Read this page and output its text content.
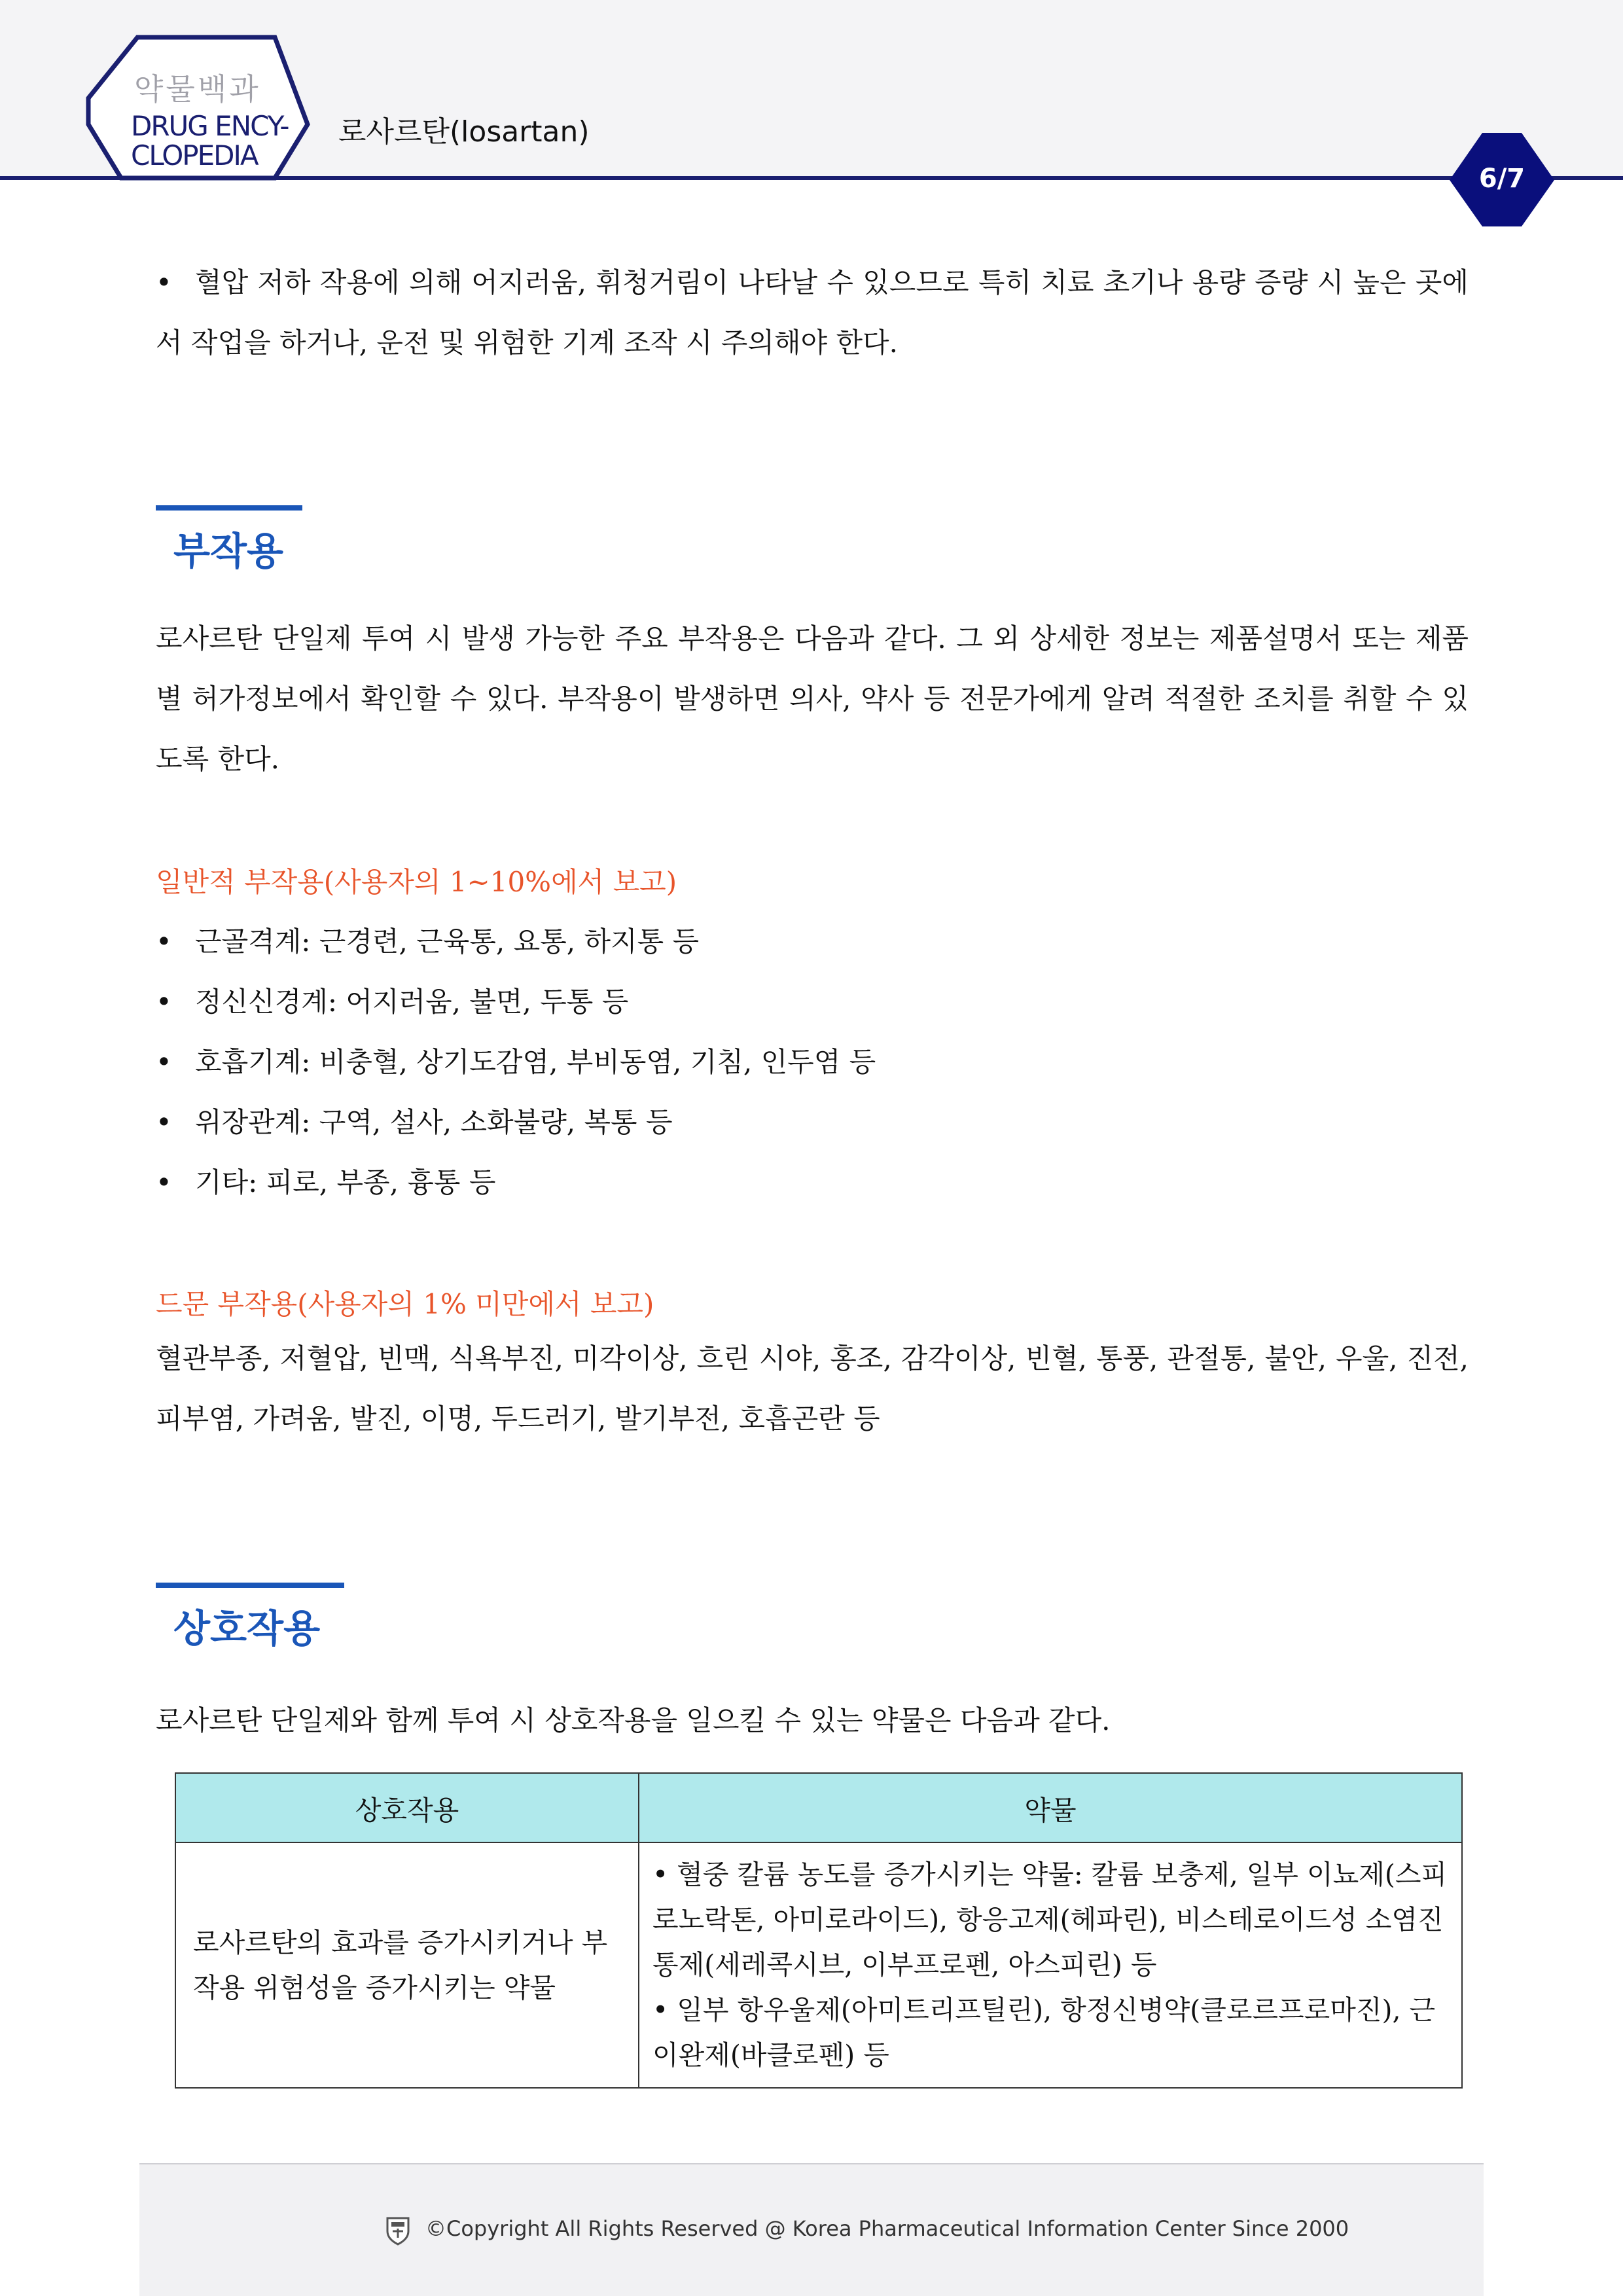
약물백과
DRUG ENCY-
CLOPEDIA
로사르탄(losartan)
6/7

• 혈압 저하 작용에 의해 어지러움, 휘청거림이 나타날 수 있으므로 특히 치료 초기나 용량 증량 시 높은 곳에서 작업을 하거나, 운전 및 위험한 기계 조작 시 주의해야 한다.

부작용

로사르탄 단일제 투여 시 발생 가능한 주요 부작용은 다음과 같다. 그 외 상세한 정보는 제품설명서 또는 제품별 허가정보에서 확인할 수 있다. 부작용이 발생하면 의사, 약사 등 전문가에게 알려 적절한 조치를 취할 수 있도록 한다.

일반적 부작용(사용자의 1~10%에서 보고)
• 근골격계: 근경련, 근육통, 요통, 하지통 등
• 정신신경계: 어지러움, 불면, 두통 등
• 호흡기계: 비충혈, 상기도감염, 부비동염, 기침, 인두염 등
• 위장관계: 구역, 설사, 소화불량, 복통 등
• 기타: 피로, 부종, 흉통 등
드문 부작용(사용자의 1% 미만에서 보고)

혈관부종, 저혈압, 빈맥, 식욕부진, 미각이상, 흐린 시야, 홍조, 감각이상, 빈혈, 통풍, 관절통, 불안, 우울, 진전, 피부염, 가려움, 발진, 이명, 두드러기, 발기부전, 호흡곤란 등

상호작용
로사르탄 단일제와 함께 투여 시 상호작용을 일으킬 수 있는 약물은 다음과 같다.
상호작용	약물
로사르탄의 효과를 증가시키거나 부작용 위험성을 증가시키는 약물	• 혈중 칼륨 농도를 증가시키는 약물: 칼륨 보충제, 일부 이뇨제(스피로노락톤, 아미로라이드), 항응고제(헤파린), 비스테로이드성 소염진통제(세레콕시브, 이부프로펜, 아스피린) 등
• 일부 항우울제(아미트리프틸린), 항정신병약(클로르프로마진), 근이완제(바클로펜) 등
©Copyright All Rights Reserved @ Korea Pharmaceutical Information Center Since 2000
